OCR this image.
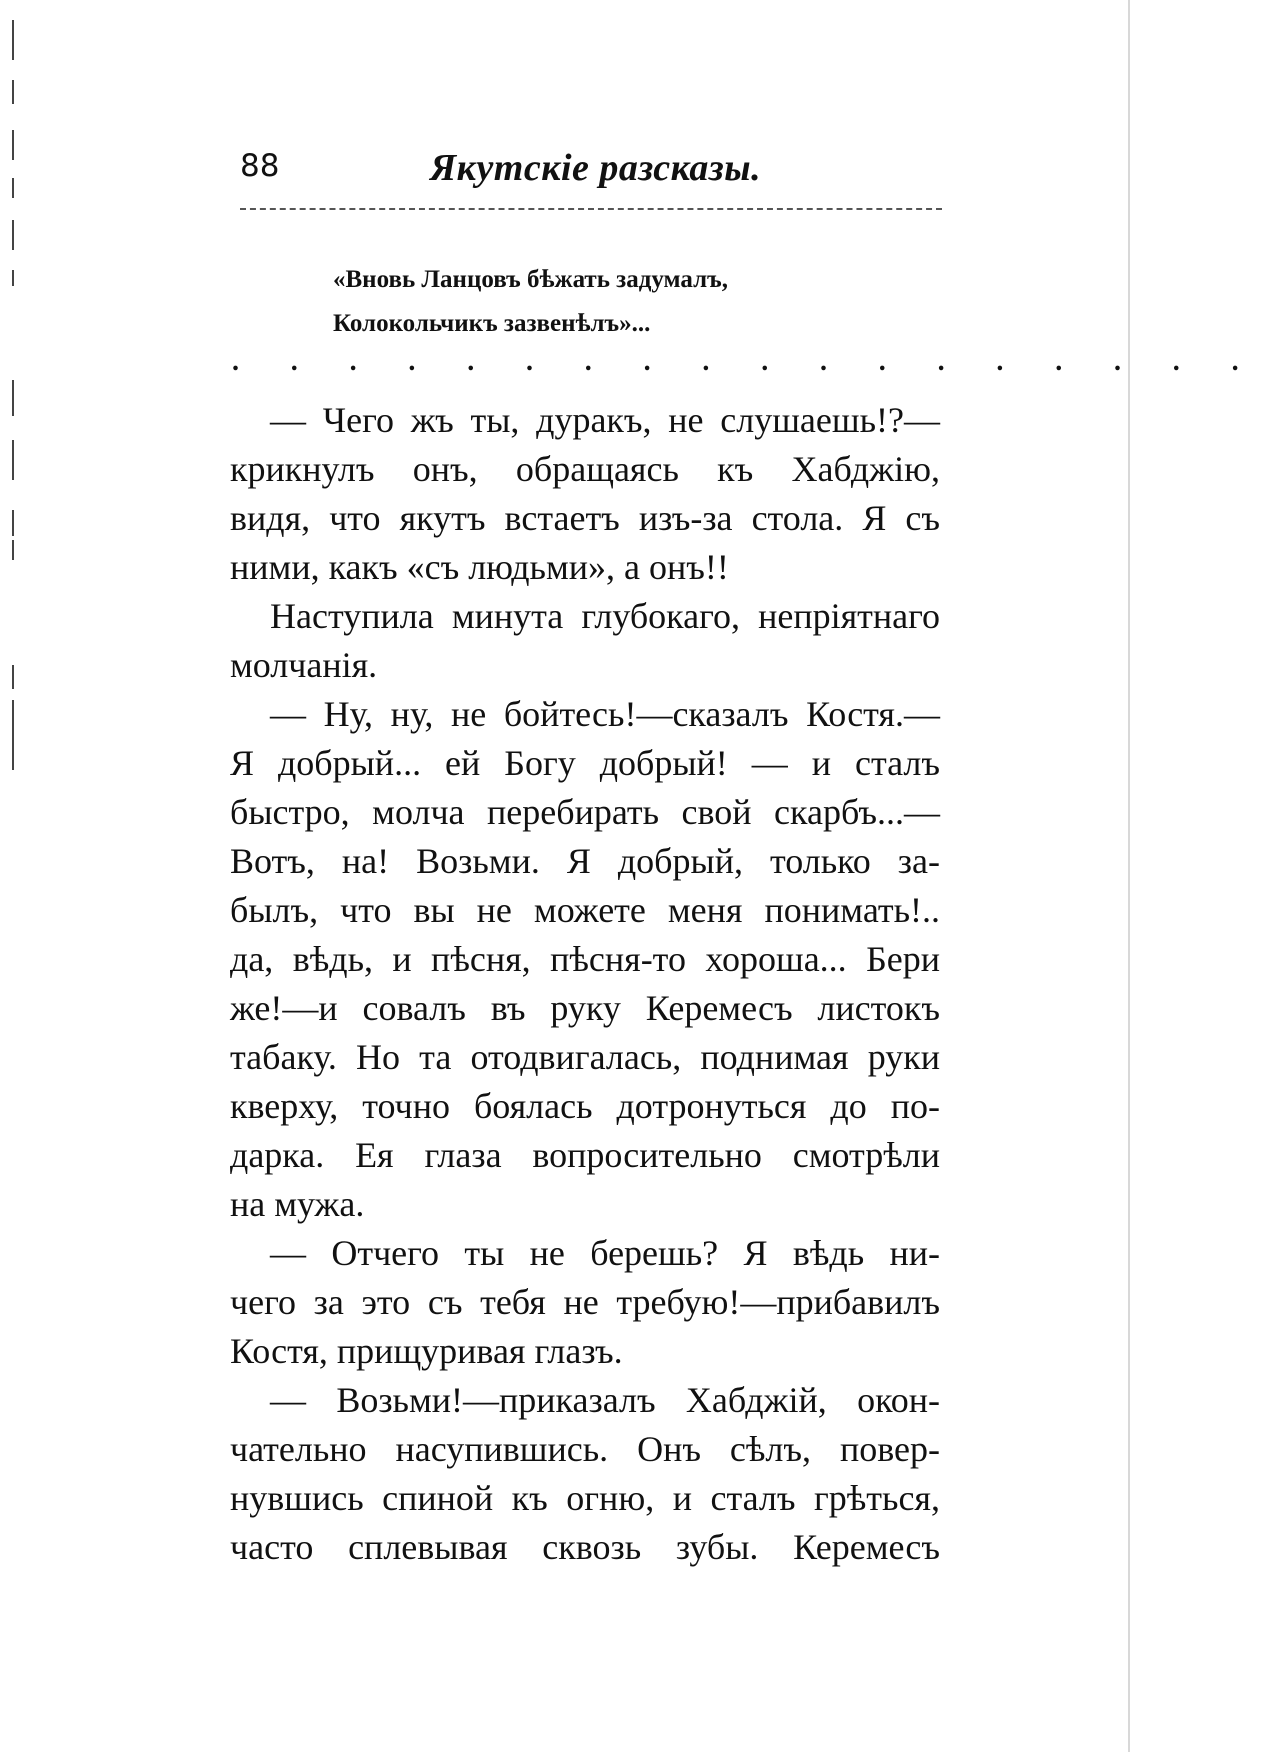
88	Якутскіе разсказы.
«Вновь Ланцовъ бѣжать задумалъ,
Колокольчикъ зазвенѣлъ»...
. . . . . . . . . . . . . . . . . .
— Чего жъ ты, дуракъ, не слушаешь!?—
крикнулъ онъ, обращаясь къ Хабджію,
видя, что якутъ встаетъ изъ-за стола. Я съ
ними, какъ «съ людьми», а онъ!!
Наступила минута глубокаго, непріятнаго
молчанія.
— Ну, ну, не бойтесь!—сказалъ Костя.—
Я добрый... ей Богу добрый! — и сталъ
быстро, молча перебирать свой скарбъ...—
Вотъ, на! Возьми. Я добрый, только за-
былъ, что вы не можете меня понимать!..
да, вѣдь, и пѣсня, пѣсня-то хороша... Бери
же!—и совалъ въ руку Керемесъ листокъ
табаку. Но та отодвигалась, поднимая руки
кверху, точно боялась дотронуться до по-
дарка. Ея глаза вопросительно смотрѣли
на мужа.
— Отчего ты не берешь? Я вѣдь ни-
чего за это съ тебя не требую!—прибавилъ
Костя, прищуривая глазъ.
— Возьми!—приказалъ Хабджій, окон-
чательно насупившись. Онъ сѣлъ, повер-
нувшись спиной къ огню, и сталъ грѣться,
часто сплевывая сквозь зубы. Керемесъ
